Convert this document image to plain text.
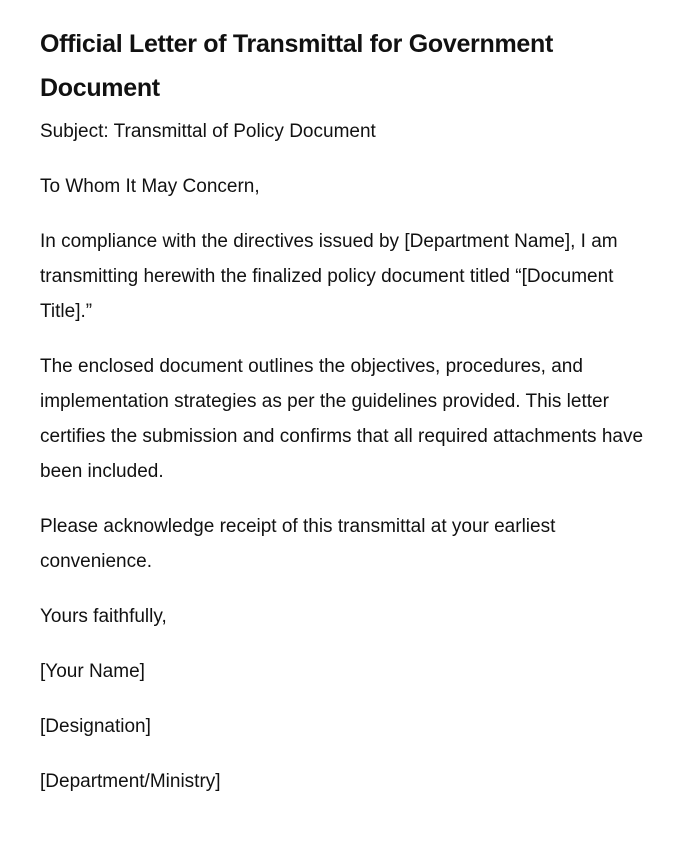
Official Letter of Transmittal for Government Document

Subject: Transmittal of Policy Document

To Whom It May Concern,

In compliance with the directives issued by [Department Name], I am transmitting herewith the finalized policy document titled “[Document Title].”

The enclosed document outlines the objectives, procedures, and implementation strategies as per the guidelines provided. This letter certifies the submission and confirms that all required attachments have been included.

Please acknowledge receipt of this transmittal at your earliest convenience.

Yours faithfully,

[Your Name]

[Designation]

[Department/Ministry]
